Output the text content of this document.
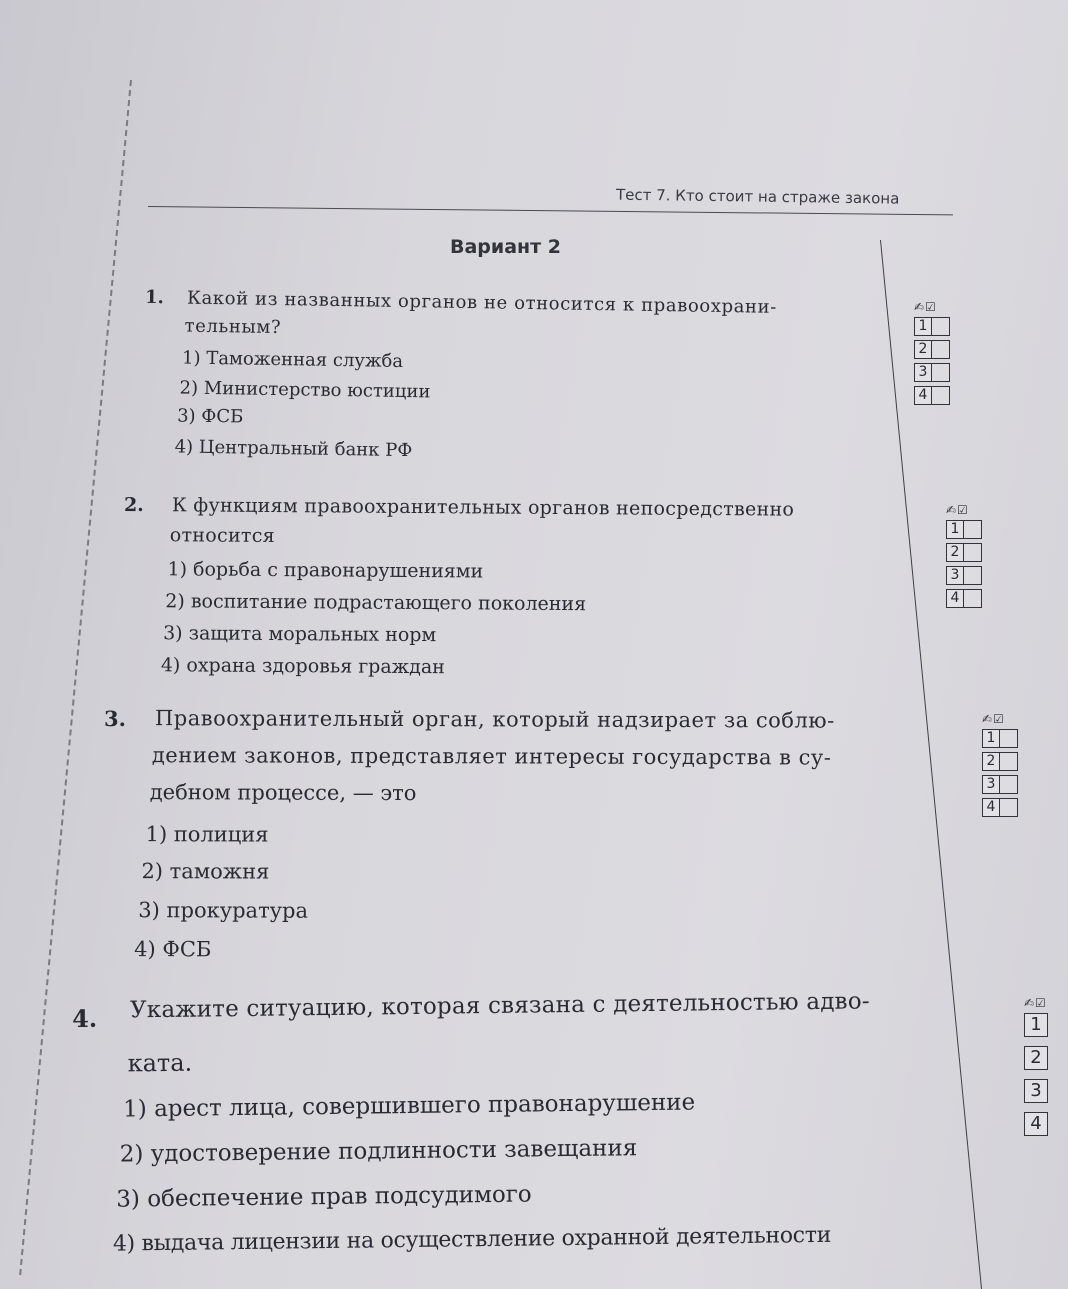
Тест 7. Кто стоит на страже закона
Вариант 2
1. Какой из названных органов не относится к правоохрани-
тельным?
1) Таможенная служба
2) Министерство юстиции
3) ФСБ
4) Центральный банк РФ
✍☑
1
2
3
4
2. К функциям правоохранительных органов непосредственно
относится
1) борьба с правонарушениями
2) воспитание подрастающего поколения
3) защита моральных норм
4) охрана здоровья граждан
✍☑
1
2
3
4
3. Правоохранительный орган, который надзирает за соблю-
дением законов, представляет интересы государства в су-
дебном процессе, — это
1) полиция
2) таможня
3) прокуратура
4) ФСБ
✍☑
1
2
3
4
4. Укажите ситуацию, которая связана с деятельностью адво-
ката.
1) арест лица, совершившего правонарушение
2) удостоверение подлинности завещания
3) обеспечение прав подсудимого
4) выдача лицензии на осуществление охранной деятельности
✍☑
1
2
3
4
